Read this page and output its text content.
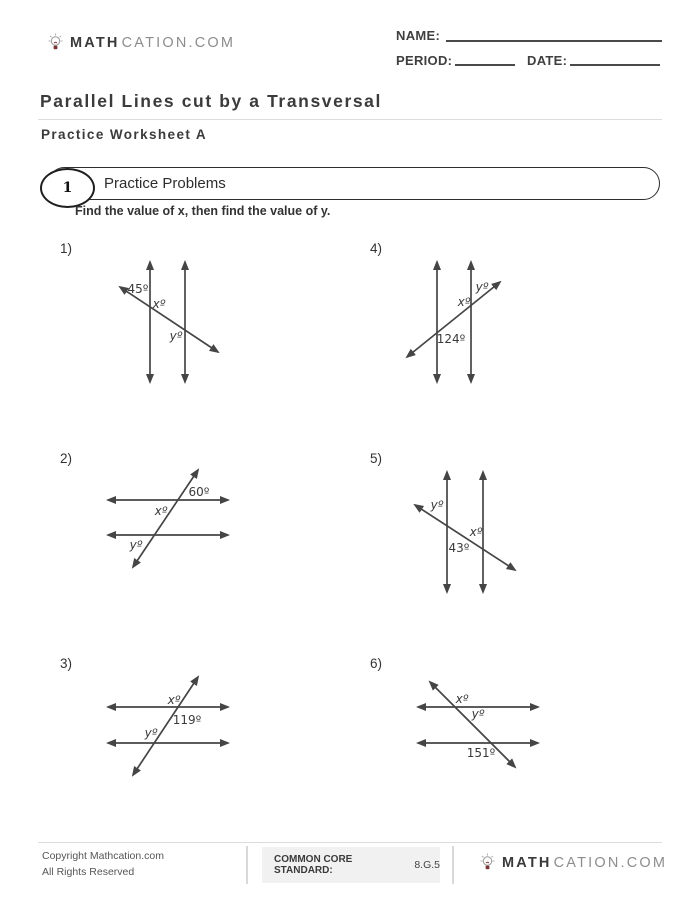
MATH CATION.COM	NAME:
PERIOD:	DATE:
Parallel Lines cut by a Transversal
Practice Worksheet A
1 Practice Problems
Find the value of x, then find the value of y.
1)
45º
xº
yº
4)
xº
yº
124º
2)
60º
xº
yº
5)
yº
xº
43º
3)
xº
119º
yº
6)
xº
yº
151º
Copyright Mathcation.com
All Rights Reserved
COMMON CORE STANDARD:	8.G.5	MATH CATION.COM
